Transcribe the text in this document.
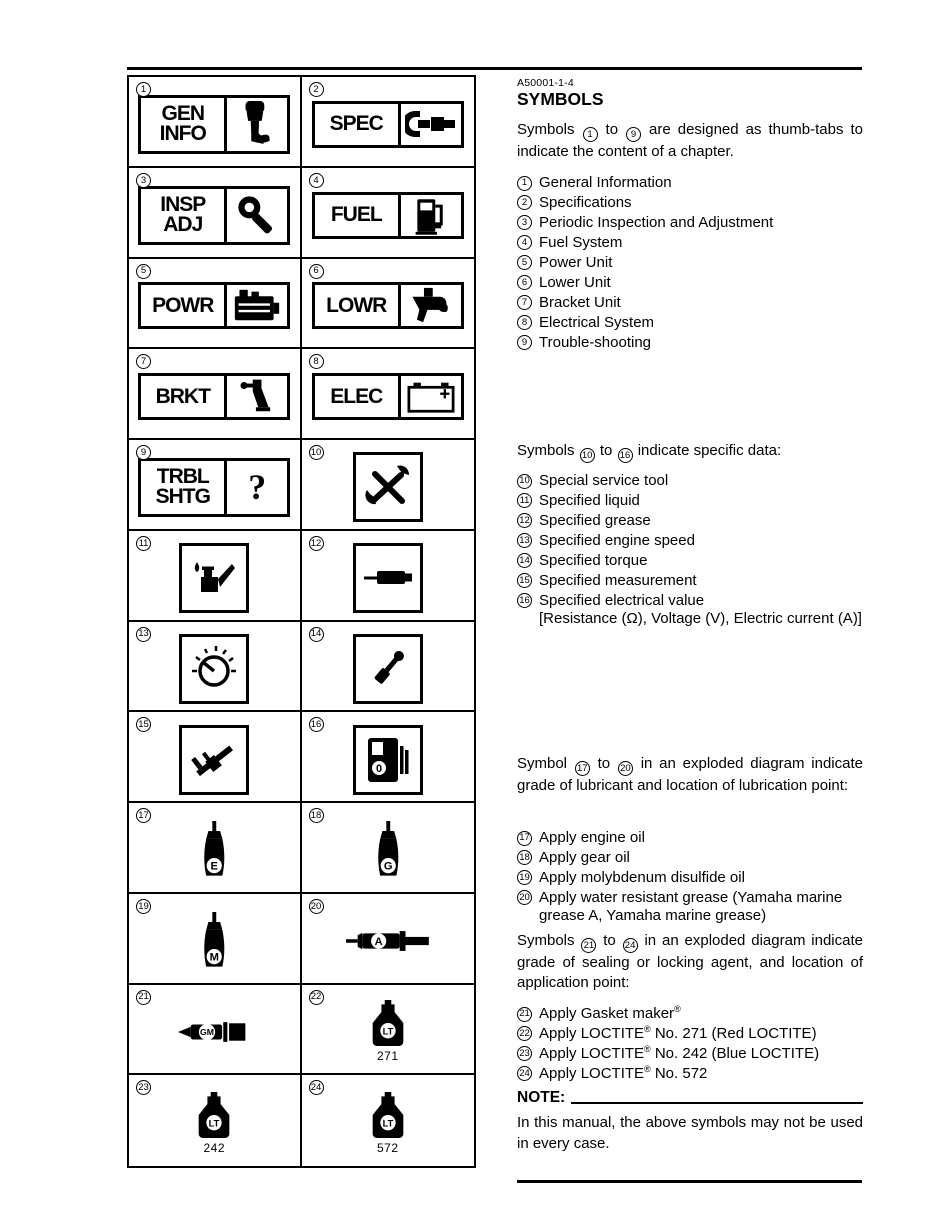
1
GEN
INFO
2
SPEC
3
INSP
ADJ
4
FUEL
5
POWR
6
LOWR
7
BRKT
8
ELEC
9
TRBL
SHTG ?
10
11	12
13	14
15	16
0
17
E
18
G
19
M
20
A
21
GM
22
LT
271
23
LT
242
24
LT
572
A50001-1-4
SYMBOLS
Symbols 1 to 9 are designed as thumb-tabs to indicate the content of a chapter.
1 General Information
2 Specifications
3 Periodic Inspection and Adjustment
4 Fuel System
5 Power Unit
6 Lower Unit
7 Bracket Unit
8 Electrical System
9 Trouble-shooting
Symbols 10 to 16 indicate specific data:
10 Special service tool
11 Specified liquid
12 Specified grease
13 Specified engine speed
14 Specified torque
15 Specified measurement
16 Specified electrical value
[Resistance (Ω), Voltage (V), Electric current (A)]
Symbol 17 to 20 in an exploded diagram indicate grade of lubricant and location of lubrication point:
17 Apply engine oil
18 Apply gear oil
19 Apply molybdenum disulfide oil
20 Apply water resistant grease (Yamaha marine grease A, Yamaha marine grease)
Symbols 21 to 24 in an exploded diagram indicate grade of sealing or locking agent, and location of application point:
21 Apply Gasket maker®
22 Apply LOCTITE® No. 271 (Red LOCTITE)
23 Apply LOCTITE® No. 242 (Blue LOCTITE)
24 Apply LOCTITE® No. 572
NOTE:
In this manual, the above symbols may not be used in every case.
